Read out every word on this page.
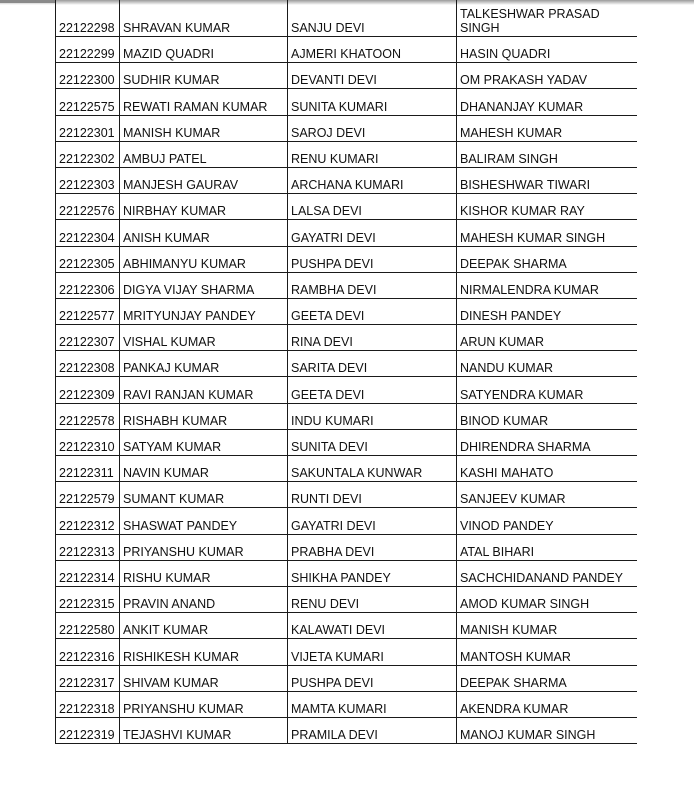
22122298	SHRAVAN KUMAR	SANJU DEVI	TALKESHWAR PRASAD
SINGH

22122299	MAZID QUADRI	AJMERI KHATOON	HASIN QUADRI
22122300	SUDHIR KUMAR	DEVANTI DEVI	OM PRAKASH YADAV
22122575	REWATI RAMAN KUMAR	SUNITA KUMARI	DHANANJAY KUMAR
22122301	MANISH KUMAR	SAROJ DEVI	MAHESH KUMAR
22122302	AMBUJ PATEL	RENU KUMARI	BALIRAM SINGH
22122303	MANJESH GAURAV	ARCHANA KUMARI	BISHESHWAR TIWARI
22122576	NIRBHAY KUMAR	LALSA DEVI	KISHOR KUMAR RAY
22122304	ANISH KUMAR	GAYATRI DEVI	MAHESH KUMAR SINGH
22122305	ABHIMANYU KUMAR	PUSHPA DEVI	DEEPAK SHARMA
22122306	DIGYA VIJAY SHARMA	RAMBHA DEVI	NIRMALENDRA KUMAR
22122577	MRITYUNJAY PANDEY	GEETA DEVI	DINESH PANDEY
22122307	VISHAL KUMAR	RINA DEVI	ARUN KUMAR
22122308	PANKAJ KUMAR	SARITA DEVI	NANDU KUMAR
22122309	RAVI RANJAN KUMAR	GEETA DEVI	SATYENDRA KUMAR
22122578	RISHABH KUMAR	INDU KUMARI	BINOD KUMAR
22122310	SATYAM KUMAR	SUNITA DEVI	DHIRENDRA SHARMA
22122311	NAVIN KUMAR	SAKUNTALA KUNWAR	KASHI MAHATO
22122579	SUMANT KUMAR	RUNTI DEVI	SANJEEV KUMAR
22122312	SHASWAT PANDEY	GAYATRI DEVI	VINOD PANDEY
22122313	PRIYANSHU KUMAR	PRABHA DEVI	ATAL BIHARI
22122314	RISHU KUMAR	SHIKHA PANDEY	SACHCHIDANAND PANDEY
22122315	PRAVIN ANAND	RENU DEVI	AMOD KUMAR SINGH
22122580	ANKIT KUMAR	KALAWATI DEVI	MANISH KUMAR
22122316	RISHIKESH KUMAR	VIJETA KUMARI	MANTOSH KUMAR
22122317	SHIVAM KUMAR	PUSHPA DEVI	DEEPAK SHARMA
22122318	PRIYANSHU KUMAR	MAMTA KUMARI	AKENDRA KUMAR
22122319	TEJASHVI KUMAR	PRAMILA DEVI	MANOJ KUMAR SINGH
